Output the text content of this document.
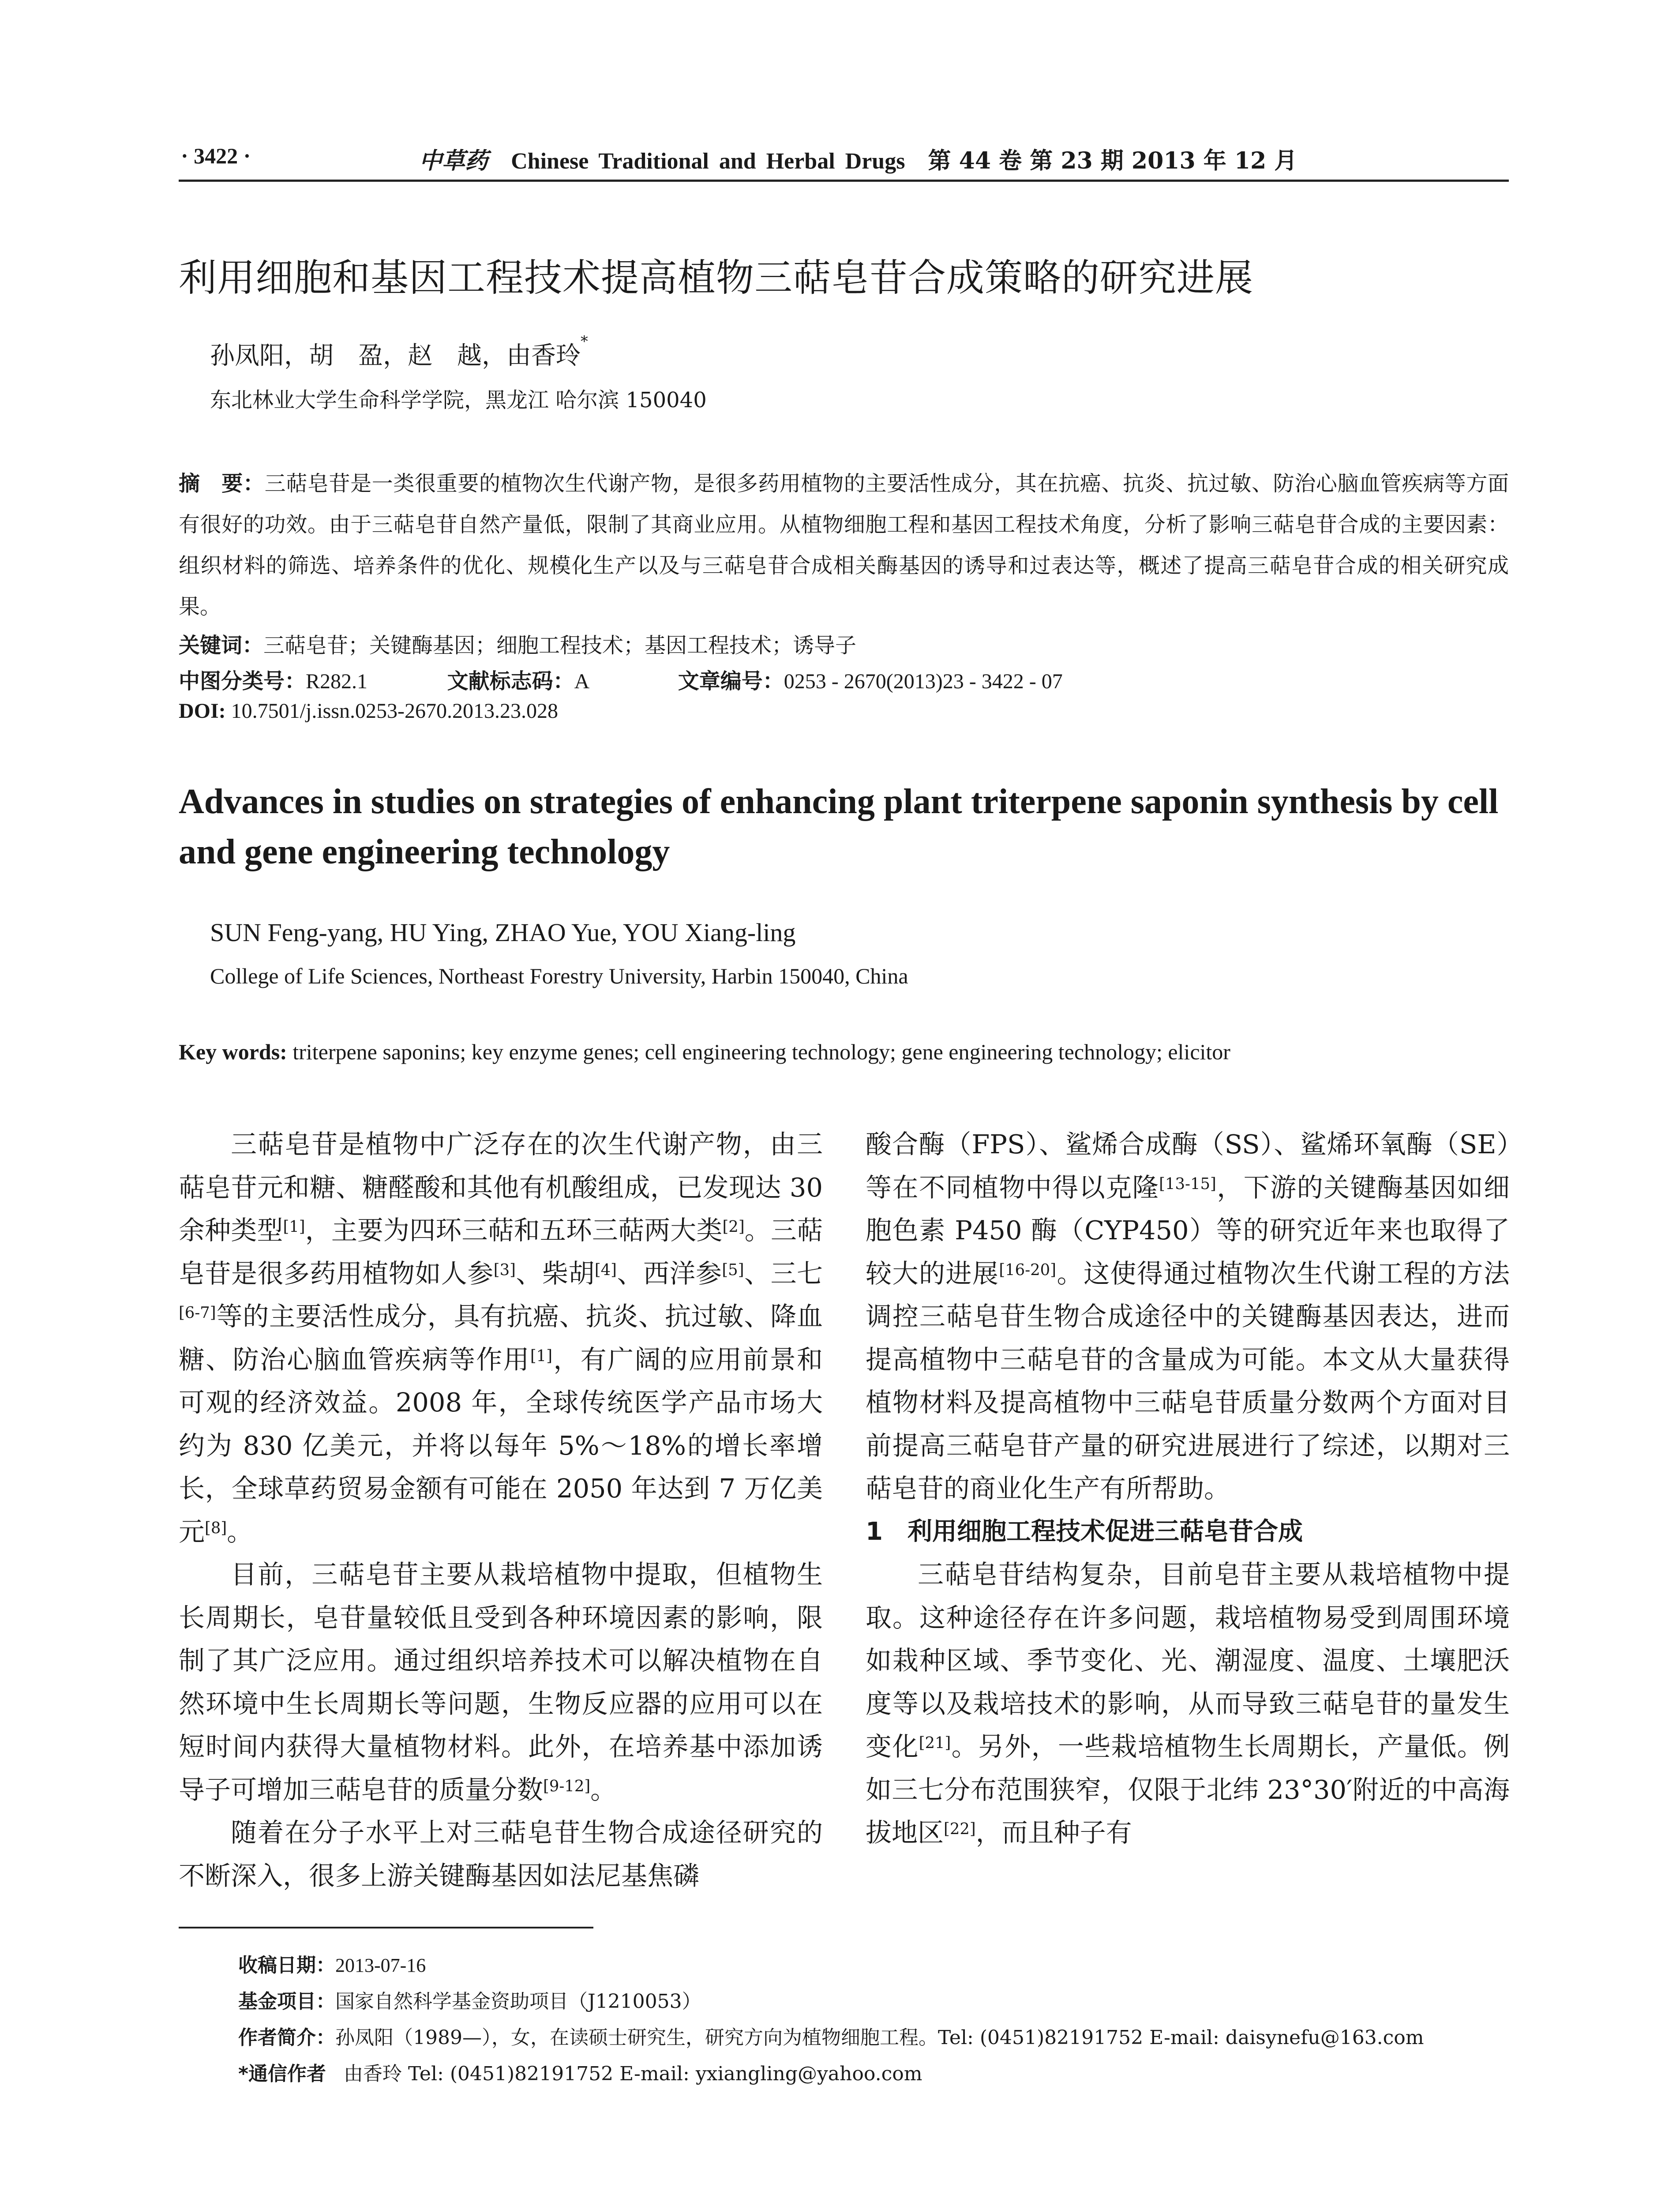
· 3422 ·	中草药 Chinese Traditional and Herbal Drugs 第 44 卷 第 23 期 2013 年 12 月
利用细胞和基因工程技术提高植物三萜皂苷合成策略的研究进展
孙凤阳，胡　盈，赵　越，由香玲*
东北林业大学生命科学学院，黑龙江 哈尔滨 150040
摘　要：三萜皂苷是一类很重要的植物次生代谢产物，是很多药用植物的主要活性成分，其在抗癌、抗炎、抗过敏、防治心脑血管疾病等方面有很好的功效。由于三萜皂苷自然产量低，限制了其商业应用。从植物细胞工程和基因工程技术角度，分析了影响三萜皂苷合成的主要因素：组织材料的筛选、培养条件的优化、规模化生产以及与三萜皂苷合成相关酶基因的诱导和过表达等，概述了提高三萜皂苷合成的相关研究成果。
关键词：三萜皂苷；关键酶基因；细胞工程技术；基因工程技术；诱导子
中图分类号：R282.1	文献标志码：A	文章编号：0253 - 2670(2013)23 - 3422 - 07
DOI: 10.7501/j.issn.0253-2670.2013.23.028
Advances in studies on strategies of enhancing plant triterpene saponin synthesis by cell and gene engineering technology
SUN Feng-yang, HU Ying, ZHAO Yue, YOU Xiang-ling
College of Life Sciences, Northeast Forestry University, Harbin 150040, China
Key words: triterpene saponins; key enzyme genes; cell engineering technology; gene engineering technology; elicitor

三萜皂苷是植物中广泛存在的次生代谢产物，由三萜皂苷元和糖、糖醛酸和其他有机酸组成，已发现达 30 余种类型[1]，主要为四环三萜和五环三萜两大类[2]。三萜皂苷是很多药用植物如人参[3]、柴胡[4]、西洋参[5]、三七[6-7]等的主要活性成分，具有抗癌、抗炎、抗过敏、降血糖、防治心脑血管疾病等作用[1]，有广阔的应用前景和可观的经济效益。2008 年，全球传统医学产品市场大约为 830 亿美元，并将以每年 5%～18%的增长率增长，全球草药贸易金额有可能在 2050 年达到 7 万亿美元[8]。

目前，三萜皂苷主要从栽培植物中提取，但植物生长周期长，皂苷量较低且受到各种环境因素的影响，限制了其广泛应用。通过组织培养技术可以解决植物在自然环境中生长周期长等问题，生物反应器的应用可以在短时间内获得大量植物材料。此外，在培养基中添加诱导子可增加三萜皂苷的质量分数[9-12]。

随着在分子水平上对三萜皂苷生物合成途径研究的不断深入，很多上游关键酶基因如法尼基焦磷

酸合酶（FPS）、鲨烯合成酶（SS）、鲨烯环氧酶（SE）等在不同植物中得以克隆[13-15]，下游的关键酶基因如细胞色素 P450 酶（CYP450）等的研究近年来也取得了较大的进展[16-20]。这使得通过植物次生代谢工程的方法调控三萜皂苷生物合成途径中的关键酶基因表达，进而提高植物中三萜皂苷的含量成为可能。本文从大量获得植物材料及提高植物中三萜皂苷质量分数两个方面对目前提高三萜皂苷产量的研究进展进行了综述，以期对三萜皂苷的商业化生产有所帮助。

1　利用细胞工程技术促进三萜皂苷合成

三萜皂苷结构复杂，目前皂苷主要从栽培植物中提取。这种途径存在许多问题，栽培植物易受到周围环境如栽种区域、季节变化、光、潮湿度、温度、土壤肥沃度等以及栽培技术的影响，从而导致三萜皂苷的量发生变化[21]。另外，一些栽培植物生长周期长，产量低。例如三七分布范围狭窄，仅限于北纬 23°30′附近的中高海拔地区[22]，而且种子有

收稿日期：2013-07-16
基金项目：国家自然科学基金资助项目（J1210053）
作者简介：孙凤阳（1989—），女，在读硕士研究生，研究方向为植物细胞工程。Tel: (0451)82191752 E-mail: daisynefu@163.com
*通信作者 由香玲 Tel: (0451)82191752 E-mail: yxiangling@yahoo.com
